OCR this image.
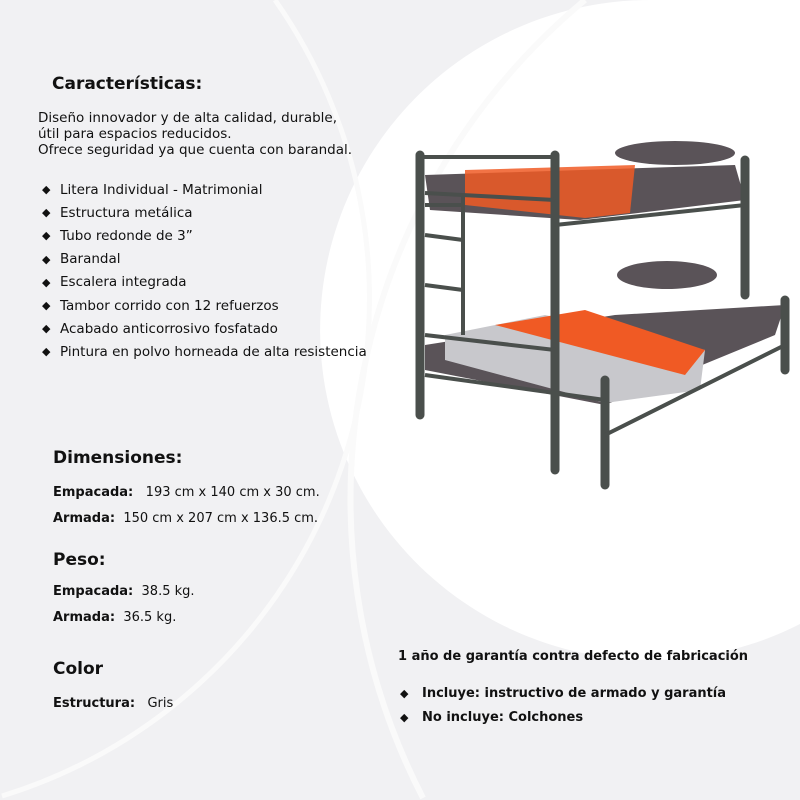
Características:
Diseño innovador y de alta calidad, durable,
útil para espacios reducidos.
Ofrece seguridad ya que cuenta con barandal.
◆ Litera Individual - Matrimonial
◆ Estructura metálica
◆ Tubo redonde de 3”
◆ Barandal
◆ Escalera integrada
◆ Tambor corrido con 12 refuerzos
◆ Acabado anticorrosivo fosfatado
◆ Pintura en polvo horneada de alta resistencia
Dimensiones:
Empacada: 193 cm x 140 cm x 30 cm.
Armada: 150 cm x 207 cm x 136.5 cm.
Peso:
Empacada: 38.5 kg.
Armada: 36.5 kg.
Color
Estructura: Gris
1 año de garantía contra defecto de fabricación
◆ Incluye: instructivo de armado y garantía
◆ No incluye: Colchones
